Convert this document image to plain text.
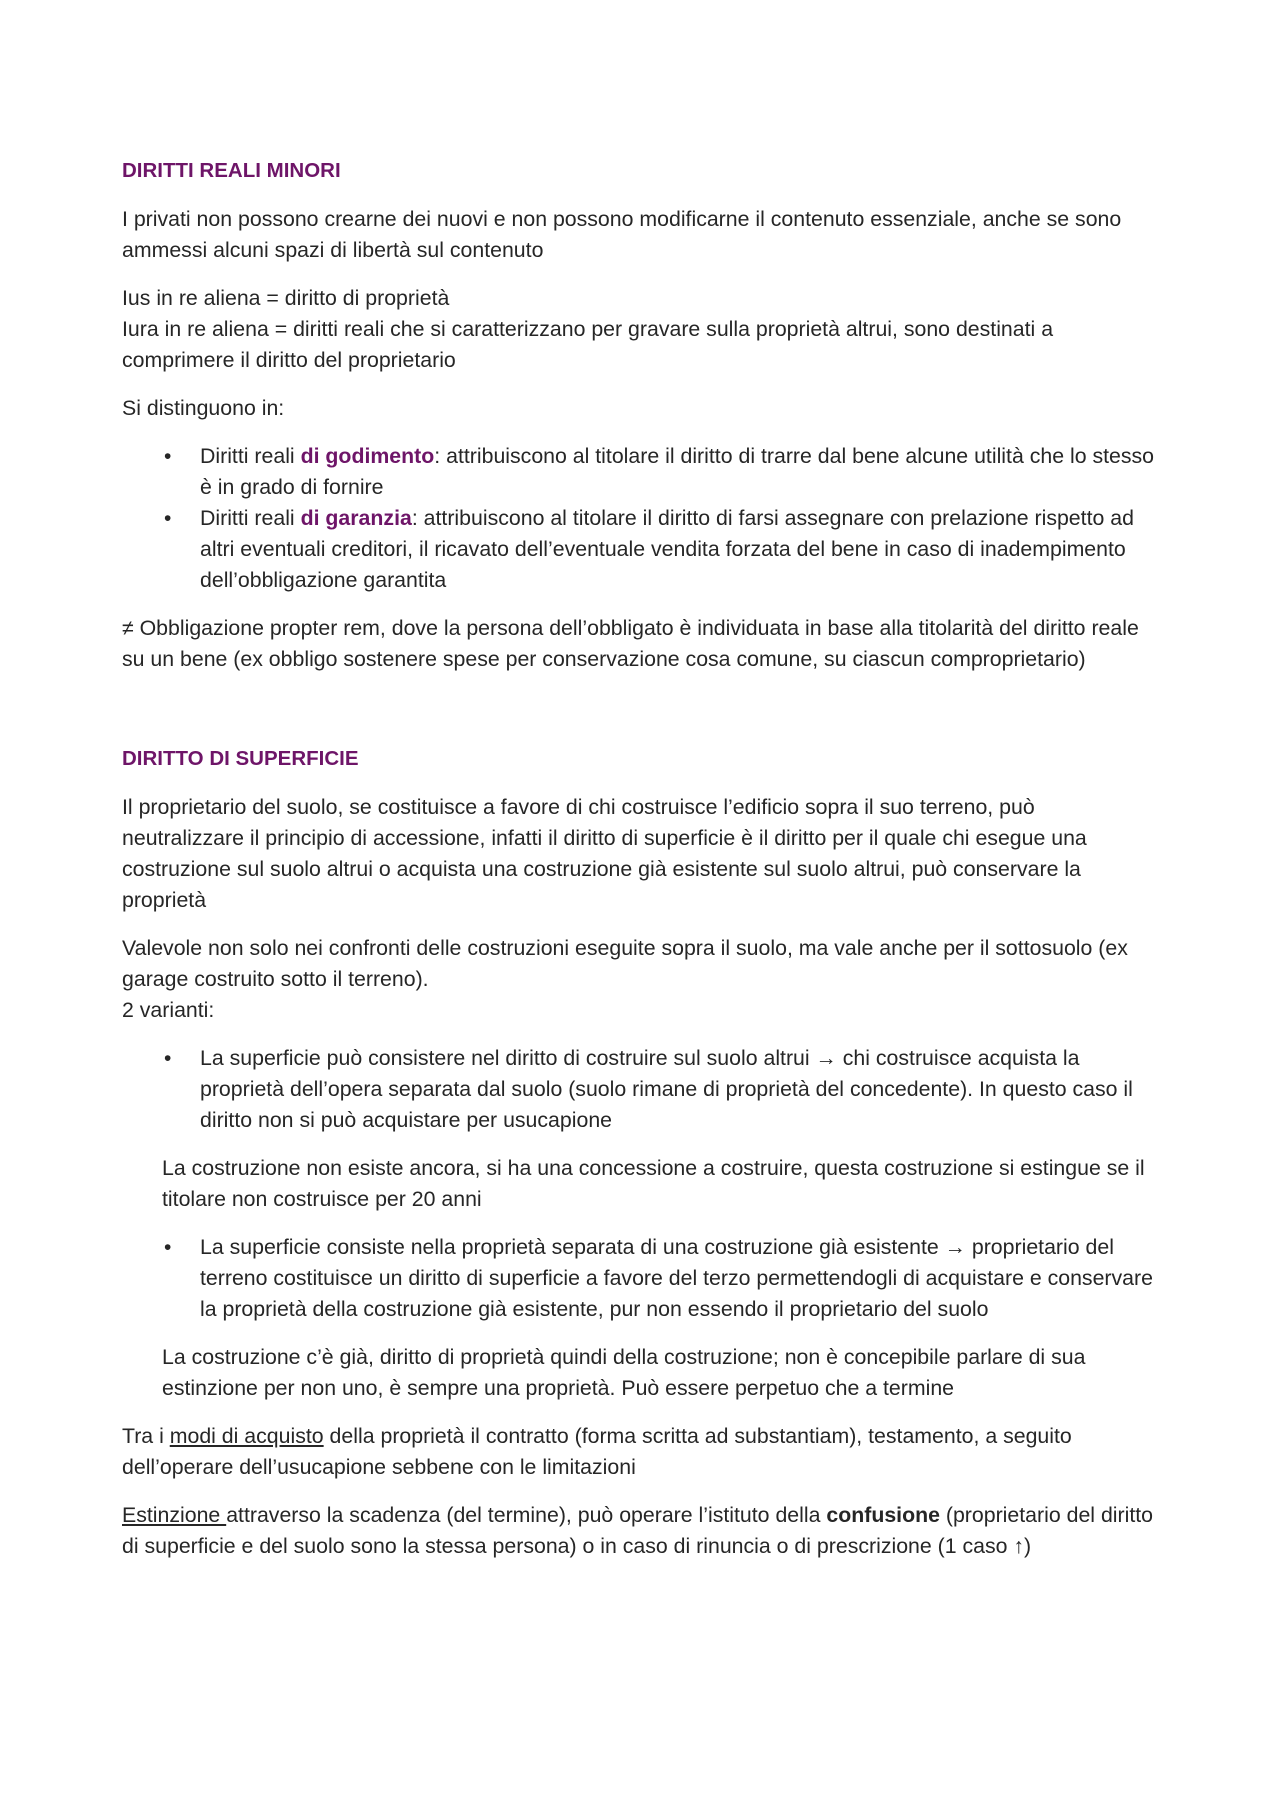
DIRITTI REALI MINORI

I privati non possono crearne dei nuovi e non possono modificarne il contenuto essenziale, anche se sono ammessi alcuni spazi di libertà sul contenuto

Ius in re aliena = diritto di proprietà
Iura in re aliena = diritti reali che si caratterizzano per gravare sulla proprietà altrui, sono destinati a comprimere il diritto del proprietario

Si distinguono in:

• Diritti reali di godimento: attribuiscono al titolare il diritto di trarre dal bene alcune utilità che lo stesso è in grado di fornire
• Diritti reali di garanzia: attribuiscono al titolare il diritto di farsi assegnare con prelazione rispetto ad altri eventuali creditori, il ricavato dell’eventuale vendita forzata del bene in caso di inadempimento dell’obbligazione garantita

≠ Obbligazione propter rem, dove la persona dell’obbligato è individuata in base alla titolarità del diritto reale su un bene (ex obbligo sostenere spese per conservazione cosa comune, su ciascun comproprietario)

DIRITTO DI SUPERFICIE

Il proprietario del suolo, se costituisce a favore di chi costruisce l’edificio sopra il suo terreno, può neutralizzare il principio di accessione, infatti il diritto di superficie è il diritto per il quale chi esegue una costruzione sul suolo altrui o acquista una costruzione già esistente sul suolo altrui, può conservare la proprietà

Valevole non solo nei confronti delle costruzioni eseguite sopra il suolo, ma vale anche per il sottosuolo (ex garage costruito sotto il terreno).
2 varianti:

• La superficie può consistere nel diritto di costruire sul suolo altrui → chi costruisce acquista la proprietà dell’opera separata dal suolo (suolo rimane di proprietà del concedente). In questo caso il diritto non si può acquistare per usucapione

La costruzione non esiste ancora, si ha una concessione a costruire, questa costruzione si estingue se il titolare non costruisce per 20 anni

• La superficie consiste nella proprietà separata di una costruzione già esistente → proprietario del terreno costituisce un diritto di superficie a favore del terzo permettendogli di acquistare e conservare la proprietà della costruzione già esistente, pur non essendo il proprietario del suolo

La costruzione c’è già, diritto di proprietà quindi della costruzione; non è concepibile parlare di sua estinzione per non uno, è sempre una proprietà. Può essere perpetuo che a termine

Tra i modi di acquisto della proprietà il contratto (forma scritta ad substantiam), testamento, a seguito dell’operare dell’usucapione sebbene con le limitazioni

Estinzione attraverso la scadenza (del termine), può operare l’istituto della confusione (proprietario del diritto di superficie e del suolo sono la stessa persona) o in caso di rinuncia o di prescrizione (1 caso ↑)
